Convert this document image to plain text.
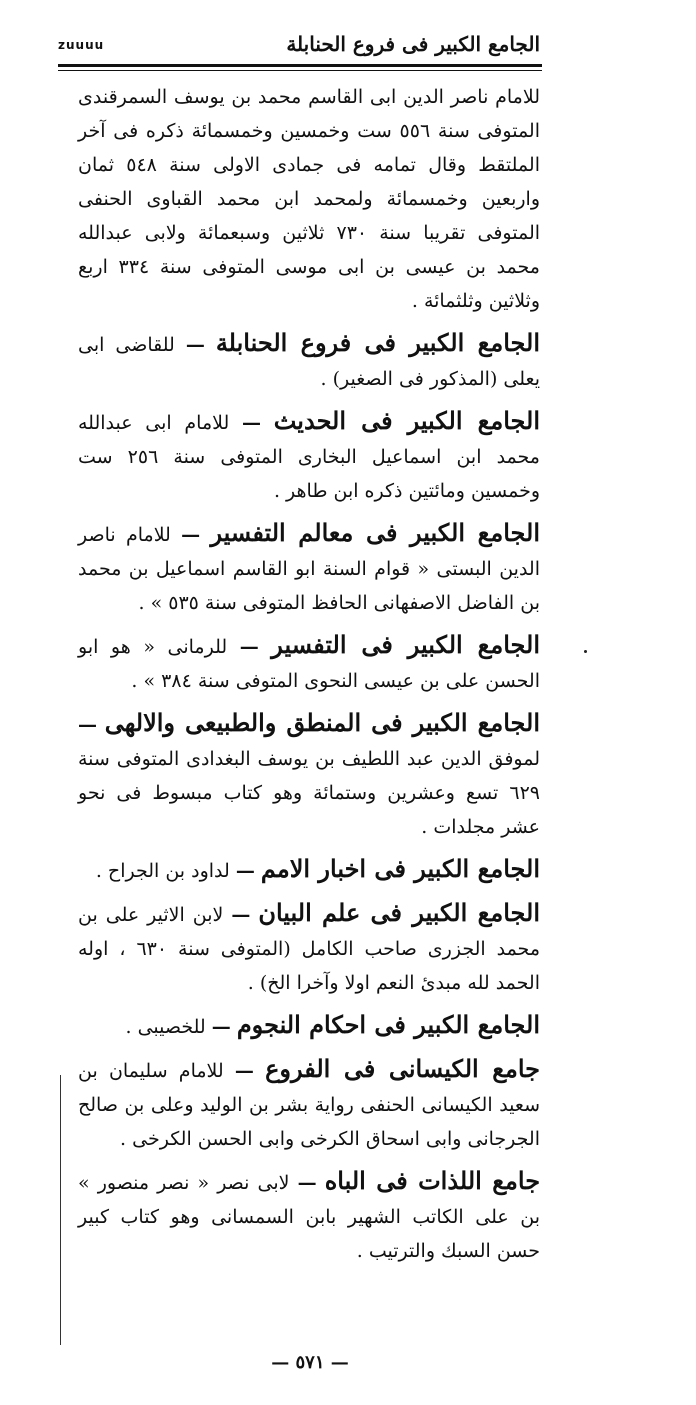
zuuuu	الجامع الكبير فى فروع الحنابلة

للامام ناصر الدين ابى القاسم محمد بن يوسف السمرقندى المتوفى سنة ٥٥٦ ست وخمسين وخمسمائة ذكره فى آخر الملتقط وقال تمامه فى جمادى الاولى سنة ٥٤٨ ثمان واربعين وخمسمائة ولمحمد ابن محمد القباوى الحنفى المتوفى تقريبا سنة ٧٣٠ ثلاثين وسبعمائة ولابى عبدالله محمد بن عيسى بن ابى موسى المتوفى سنة ٣٣٤ اربع وثلاثين وثلثمائة .

الجامع الكبير فى فروع الحنابلة — للقاضى ابى يعلى (المذكور فى الصغير) .

الجامع الكبير فى الحديث — للامام ابى عبدالله محمد ابن اسماعيل البخارى المتوفى سنة ٢٥٦ ست وخمسين ومائتين ذكره ابن طاهر .

الجامع الكبير فى معالم التفسير — للامام ناصر الدين البستى « قوام السنة ابو القاسم اسماعيل بن محمد بن الفاضل الاصفهانى الحافظ المتوفى سنة ٥٣٥ » .

الجامع الكبير فى التفسير — للرمانى « هو ابو الحسن على بن عيسى النحوى المتوفى سنة ٣٨٤ » .

الجامع الكبير فى المنطق والطبيعى والالهى — لموفق الدين عبد اللطيف بن يوسف البغدادى المتوفى سنة ٦٢٩ تسع وعشرين وستمائة وهو كتاب مبسوط فى نحو عشر مجلدات .

الجامع الكبير فى اخبار الامم — لداود بن الجراح .

الجامع الكبير فى علم البيان — لابن الاثير على بن محمد الجزرى صاحب الكامل (المتوفى سنة ٦٣٠ ، اوله الحمد لله مبدئ النعم اولا وآخرا الخ) .

الجامع الكبير فى احكام النجوم — للخصيبى .

جامع الكيسانى فى الفروع — للامام سليمان بن سعيد الكيسانى الحنفى رواية بشر بن الوليد وعلى بن صالح الجرجانى وابى اسحاق الكرخى وابى الحسن الكرخى .

جامع اللذات فى الباه — لابى نصر « نصر منصور » بن على الكاتب الشهير بابن السمسانى وهو كتاب كبير حسن السبك والترتيب .

— ٥٧١ —
